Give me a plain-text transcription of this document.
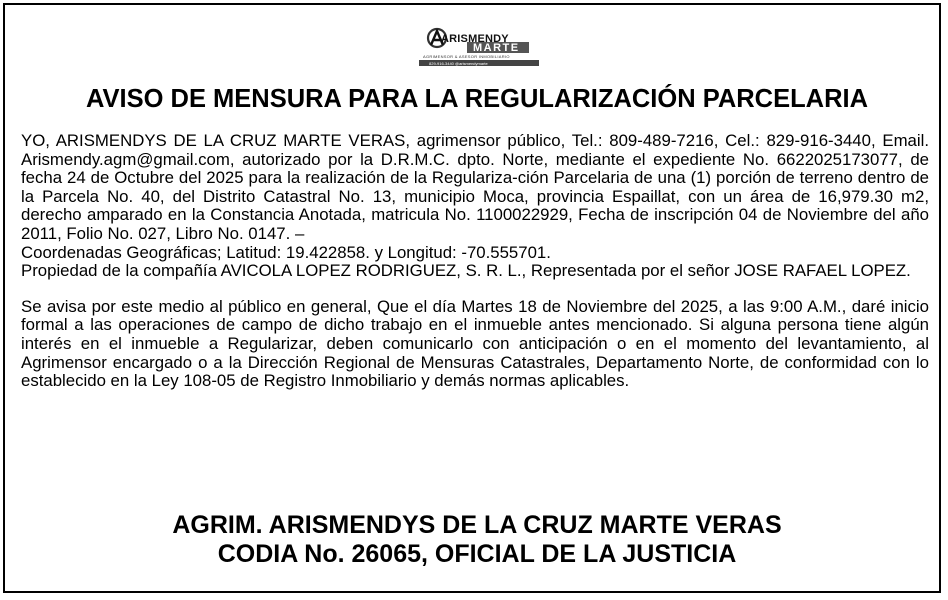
ARISMENDY
MARTE
AGRIMENSOR & ASESOR INMOBILIARIO
829-916-3440 @arismendymarte
AVISO DE MENSURA PARA LA REGULARIZACIÓN PARCELARIA

YO, ARISMENDYS DE LA CRUZ MARTE VERAS, agrimensor público, Tel.: 809-489-7216, Cel.: 829-916-3440, Email. Arismendy.agm@gmail.com, autorizado por la D.R.M.C. dpto. Norte, mediante el expediente No. 6622025173077, de fecha 24 de Octubre del 2025 para la realización de la Regulariza-ción Parcelaria de una (1) porción de terreno dentro de la Parcela No. 40, del Distrito Catastral No. 13, municipio Moca, provincia Espaillat, con un área de 16,979.30 m2, derecho amparado en la Constancia Anotada, matricula No. 1100022929, Fecha de inscripción 04 de Noviembre del año 2011, Folio No. 027, Libro No. 0147. –

Coordenadas Geográficas; Latitud: 19.422858. y Longitud: -70.555701.

Propiedad de la compañía AVICOLA LOPEZ RODRIGUEZ, S. R. L., Representada por el señor JOSE RAFAEL LOPEZ.

Se avisa por este medio al público en general, Que el día Martes 18 de Noviembre del 2025, a las 9:00 A.M., daré inicio formal a las operaciones de campo de dicho trabajo en el inmueble antes mencionado. Si alguna persona tiene algún interés en el inmueble a Regularizar, deben comunicarlo con anticipación o en el momento del levantamiento, al Agrimensor encargado o a la Dirección Regional de Mensuras Catastrales, Departamento Norte, de conformidad con lo establecido en la Ley 108-05 de Registro Inmobiliario y demás normas aplicables.

AGRIM. ARISMENDYS DE LA CRUZ MARTE VERAS
CODIA No. 26065, OFICIAL DE LA JUSTICIA
